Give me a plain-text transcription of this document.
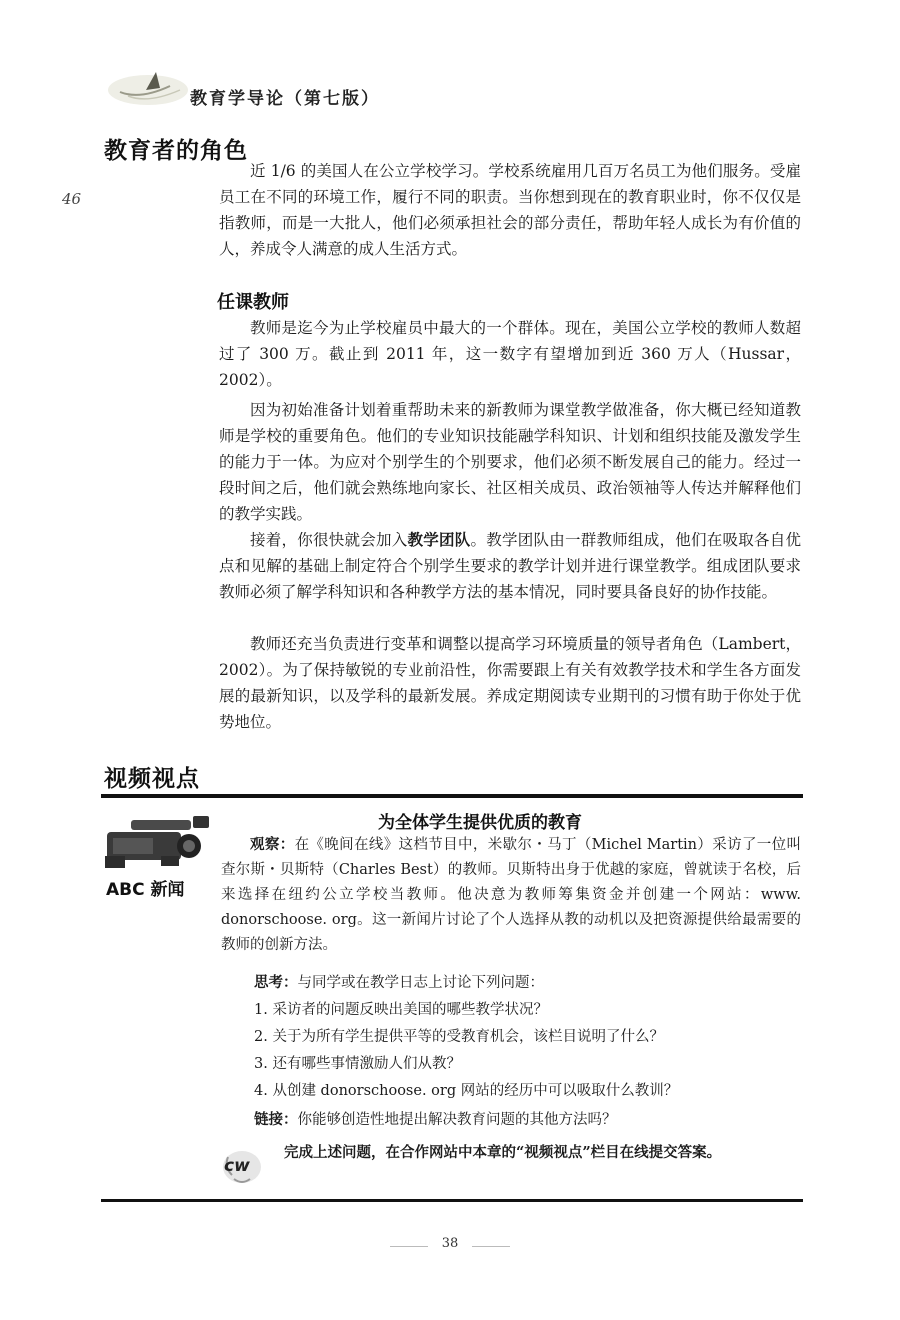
教育学导论（第七版）
46
教育者的角色

近 1/6 的美国人在公立学校学习。学校系统雇用几百万名员工为他们服务。受雇员工在不同的环境工作，履行不同的职责。当你想到现在的教育职业时，你不仅仅是指教师，而是一大批人，他们必须承担社会的部分责任，帮助年轻人成长为有价值的人，养成令人满意的成人生活方式。

任课教师

教师是迄今为止学校雇员中最大的一个群体。现在，美国公立学校的教师人数超过了 300 万。截止到 2011 年，这一数字有望增加到近 360 万人（Hussar，2002）。

因为初始准备计划着重帮助未来的新教师为课堂教学做准备，你大概已经知道教师是学校的重要角色。他们的专业知识技能融学科知识、计划和组织技能及激发学生的能力于一体。为应对个别学生的个别要求，他们必须不断发展自己的能力。经过一段时间之后，他们就会熟练地向家长、社区相关成员、政治领袖等人传达并解释他们的教学实践。

接着，你很快就会加入教学团队。教学团队由一群教师组成，他们在吸取各自优点和见解的基础上制定符合个别学生要求的教学计划并进行课堂教学。组成团队要求教师必须了解学科知识和各种教学方法的基本情况，同时要具备良好的协作技能。

教师还充当负责进行变革和调整以提高学习环境质量的领导者角色（Lambert，2002）。为了保持敏锐的专业前沿性，你需要跟上有关有效教学技术和学生各方面发展的最新知识，以及学科的最新发展。养成定期阅读专业期刊的习惯有助于你处于优势地位。

视频视点
ABC 新闻
为全体学生提供优质的教育

观察：在《晚间在线》这档节目中，米歇尔・马丁（Michel Martin）采访了一位叫查尔斯・贝斯特（Charles Best）的教师。贝斯特出身于优越的家庭，曾就读于名校，后来选择在纽约公立学校当教师。他决意为教师筹集资金并创建一个网站：www. donorschoose. org。这一新闻片讨论了个人选择从教的动机以及把资源提供给最需要的教师的创新方法。

思考：与同学或在教学日志上讨论下列问题：
1. 采访者的问题反映出美国的哪些教学状况？
2. 关于为所有学生提供平等的受教育机会，该栏目说明了什么？
3. 还有哪些事情激励人们从教？
4. 从创建 donorschoose. org 网站的经历中可以吸取什么教训？
链接：你能够创造性地提出解决教育问题的其他方法吗？
cw
完成上述问题，在合作网站中本章的“视频视点”栏目在线提交答案。
38
